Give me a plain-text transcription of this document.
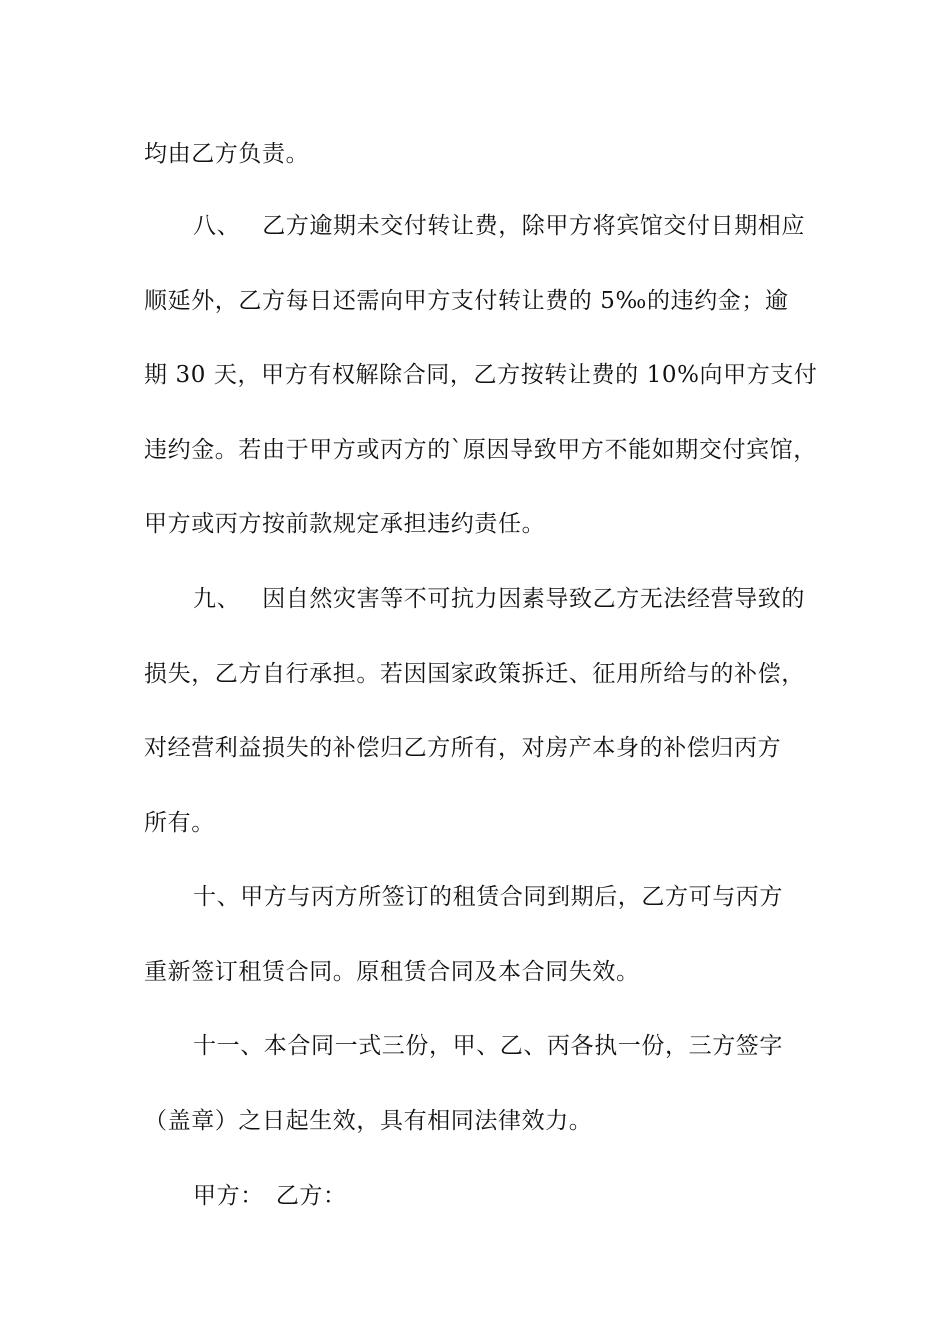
均由乙方负责。
八、 乙方逾期未交付转让费，除甲方将宾馆交付日期相应
顺延外，乙方每日还需向甲方支付转让费的 5‰的违约金；逾
期 30 天，甲方有权解除合同，乙方按转让费的 10%向甲方支付
违约金。若由于甲方或丙方的`原因导致甲方不能如期交付宾馆，
甲方或丙方按前款规定承担违约责任。
九、 因自然灾害等不可抗力因素导致乙方无法经营导致的
损失，乙方自行承担。若因国家政策拆迁、征用所给与的补偿，
对经营利益损失的补偿归乙方所有，对房产本身的补偿归丙方
所有。
十、甲方与丙方所签订的租赁合同到期后，乙方可与丙方
重新签订租赁合同。原租赁合同及本合同失效。
十一、本合同一式三份，甲、乙、丙各执一份，三方签字
（盖章）之日起生效，具有相同法律效力。
甲方： 乙方：
